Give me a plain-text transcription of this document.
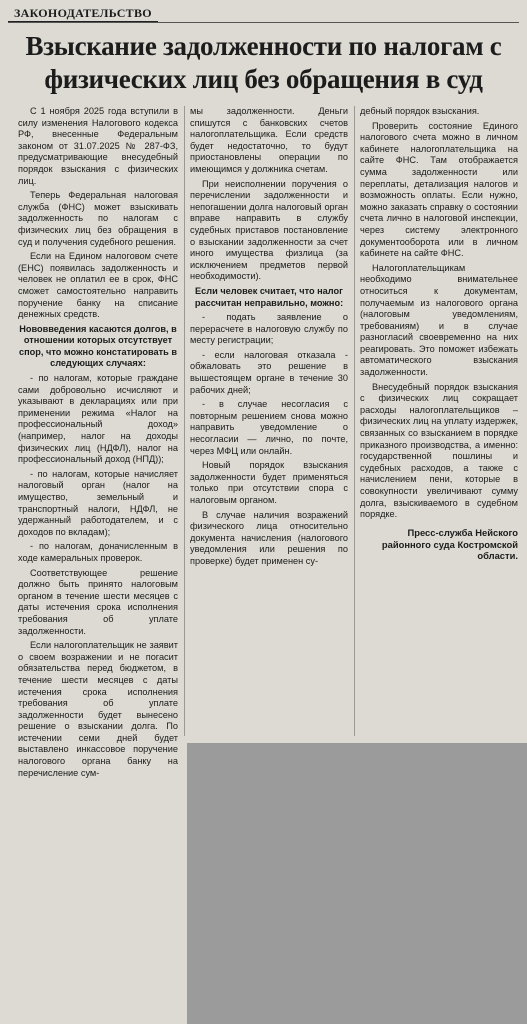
ЗАКОНОДАТЕЛЬСТВО
Взыскание задолженности по налогам с физических лиц без обращения в суд

С 1 ноября 2025 года вступили в силу изменения Налогового кодекса РФ, внесенные Федеральным законом от 31.07.2025 № 287-ФЗ, предусматривающие внесудебный порядок взыскания с физических лиц.

Теперь Федеральная налоговая служба (ФНС) может взыскивать задолженность по налогам с физических лиц без обращения в суд и получения судебного решения.

Если на Едином налоговом счете (ЕНС) появилась задолженность и человек не оплатил ее в срок, ФНС сможет самостоятельно направить поручение банку на списание денежных средств.

Нововведения касаются долгов, в отношении которых отсутствует спор, что можно констатировать в следующих случаях:

- по налогам, которые граждане сами добровольно исчисляют и указывают в декларациях или при применении режима «Налог на профессиональный доход» (например, налог на доходы физических лиц (НДФЛ), налог на профессиональный доход (НПД));

- по налогам, которые начисляет налоговый орган (налог на имущество, земельный и транспортный налоги, НДФЛ, не удержанный работодателем, и с доходов по вкладам);

- по налогам, доначисленным в ходе камеральных проверок.

Соответствующее решение должно быть принято налоговым органом в течение шести месяцев с даты истечения срока исполнения требования об уплате задолженности.

Если налогоплательщик не заявит о своем возражении и не погасит обязательства перед бюджетом, в течение шести месяцев с даты истечения срока исполнения требования об уплате задолженности будет вынесено решение о взыскании долга. По истечении семи дней будет выставлено инкассовое поручение налогового органа банку на перечисление сум-

мы задолженности. Деньги спишутся с банковских счетов налогоплательщика. Если средств будет недостаточно, то будут приостановлены операции по имеющимся у должника счетам.

При неисполнении поручения о перечислении задолженности и непогашении долга налоговый орган вправе направить в службу судебных приставов постановление о взыскании задолженности за счет иного имущества физлица (за исключением предметов первой необходимости).

Если человек считает, что налог рассчитан неправильно, можно:

- подать заявление о перерасчете в налоговую службу по месту регистрации;

- если налоговая отказала - обжаловать это решение в вышестоящем органе в течение 30 рабочих дней;

- в случае несогласия с повторным решением снова можно направить уведомление о несогласии — лично, по почте, через МФЦ или онлайн.

Новый порядок взыскания задолженности будет применяться только при отсутствии спора с налоговым органом.

В случае наличия возражений физического лица относительно документа начисления (налогового уведомления или решения по проверке) будет применен су-

дебный порядок взыскания.

Проверить состояние Единого налогового счета можно в личном кабинете налогоплательщика на сайте ФНС. Там отображается сумма задолженности или переплаты, детализация налогов и возможность оплаты. Если нужно, можно заказать справку о состоянии счета лично в налоговой инспекции, через систему электронного документооборота или в личном кабинете на сайте ФНС.

Налогоплательщикам необходимо внимательнее относиться к документам, получаемым из налогового органа (налоговым уведомлениям, требованиям) и в случае разногласий своевременно на них реагировать. Это поможет избежать автоматического взыскания задолженности.

Внесудебный порядок взыскания с физических лиц сокращает расходы налогоплательщиков – физических лиц на уплату издержек, связанных со взысканием в порядке приказного производства, а именно: государственной пошлины и судебных расходов, а также с начислением пени, которые в совокупности увеличивают сумму долга, взыскиваемого в судебном порядке.

Пресс-служба Нейского районного суда Костромской области.
